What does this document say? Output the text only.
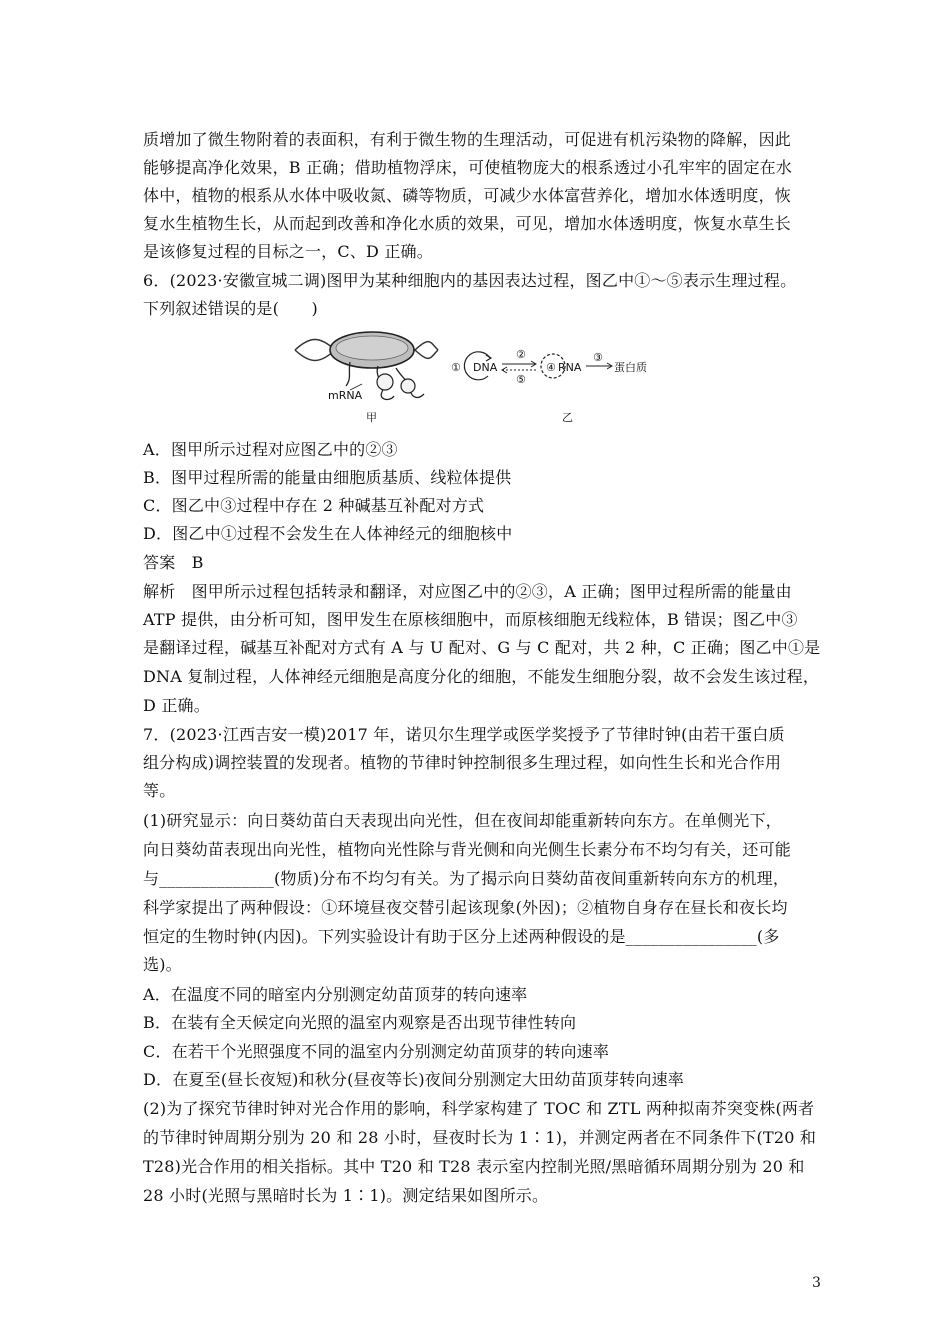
质增加了微生物附着的表面积，有利于微生物的生理活动，可促进有机污染物的降解，因此
能够提高净化效果，B 正确；借助植物浮床，可使植物庞大的根系透过小孔牢牢的固定在水
体中，植物的根系从水体中吸收氮、磷等物质，可减少水体富营养化，增加水体透明度，恢
复水生植物生长，从而起到改善和净化水质的效果，可见，增加水体透明度，恢复水草生长
是该修复过程的目标之一，C、D 正确。
6．(2023·安徽宣城二调)图甲为某种细胞内的基因表达过程，图乙中①～⑤表示生理过程。
下列叙述错误的是(　　)
mRNA
甲
① DNA
②
⑤
④ RNA
③
蛋白质
乙
A．图甲所示过程对应图乙中的②③
B．图甲过程所需的能量由细胞质基质、线粒体提供
C．图乙中③过程中存在 2 种碱基互补配对方式
D．图乙中①过程不会发生在人体神经元的细胞核中
答案　B
解析　图甲所示过程包括转录和翻译，对应图乙中的②③，A 正确；图甲过程所需的能量由
ATP 提供，由分析可知，图甲发生在原核细胞中，而原核细胞无线粒体，B 错误；图乙中③
是翻译过程，碱基互补配对方式有 A 与 U 配对、G 与 C 配对，共 2 种，C 正确；图乙中①是
DNA 复制过程，人体神经元细胞是高度分化的细胞，不能发生细胞分裂，故不会发生该过程，
D 正确。
7．(2023·江西吉安一模)2017 年，诺贝尔生理学或医学奖授予了节律时钟(由若干蛋白质
组分构成)调控装置的发现者。植物的节律时钟控制很多生理过程，如向性生长和光合作用
等。
(1)研究显示：向日葵幼苗白天表现出向光性，但在夜间却能重新转向东方。在单侧光下，
向日葵幼苗表现出向光性，植物向光性除与背光侧和向光侧生长素分布不均匀有关，还可能
与______________(物质)分布不均匀有关。为了揭示向日葵幼苗夜间重新转向东方的机理，
科学家提出了两种假设：①环境昼夜交替引起该现象(外因)；②植物自身存在昼长和夜长均
恒定的生物时钟(内因)。下列实验设计有助于区分上述两种假设的是________________(多
选)。
A．在温度不同的暗室内分别测定幼苗顶芽的转向速率
B．在装有全天候定向光照的温室内观察是否出现节律性转向
C．在若干个光照强度不同的温室内分别测定幼苗顶芽的转向速率
D．在夏至(昼长夜短)和秋分(昼夜等长)夜间分别测定大田幼苗顶芽转向速率
(2)为了探究节律时钟对光合作用的影响，科学家构建了 TOC 和 ZTL 两种拟南芥突变株(两者
的节律时钟周期分别为 20 和 28 小时，昼夜时长为 1∶1)，并测定两者在不同条件下(T20 和
T28)光合作用的相关指标。其中 T20 和 T28 表示室内控制光照/黑暗循环周期分别为 20 和
28 小时(光照与黑暗时长为 1∶1)。测定结果如图所示。
3
